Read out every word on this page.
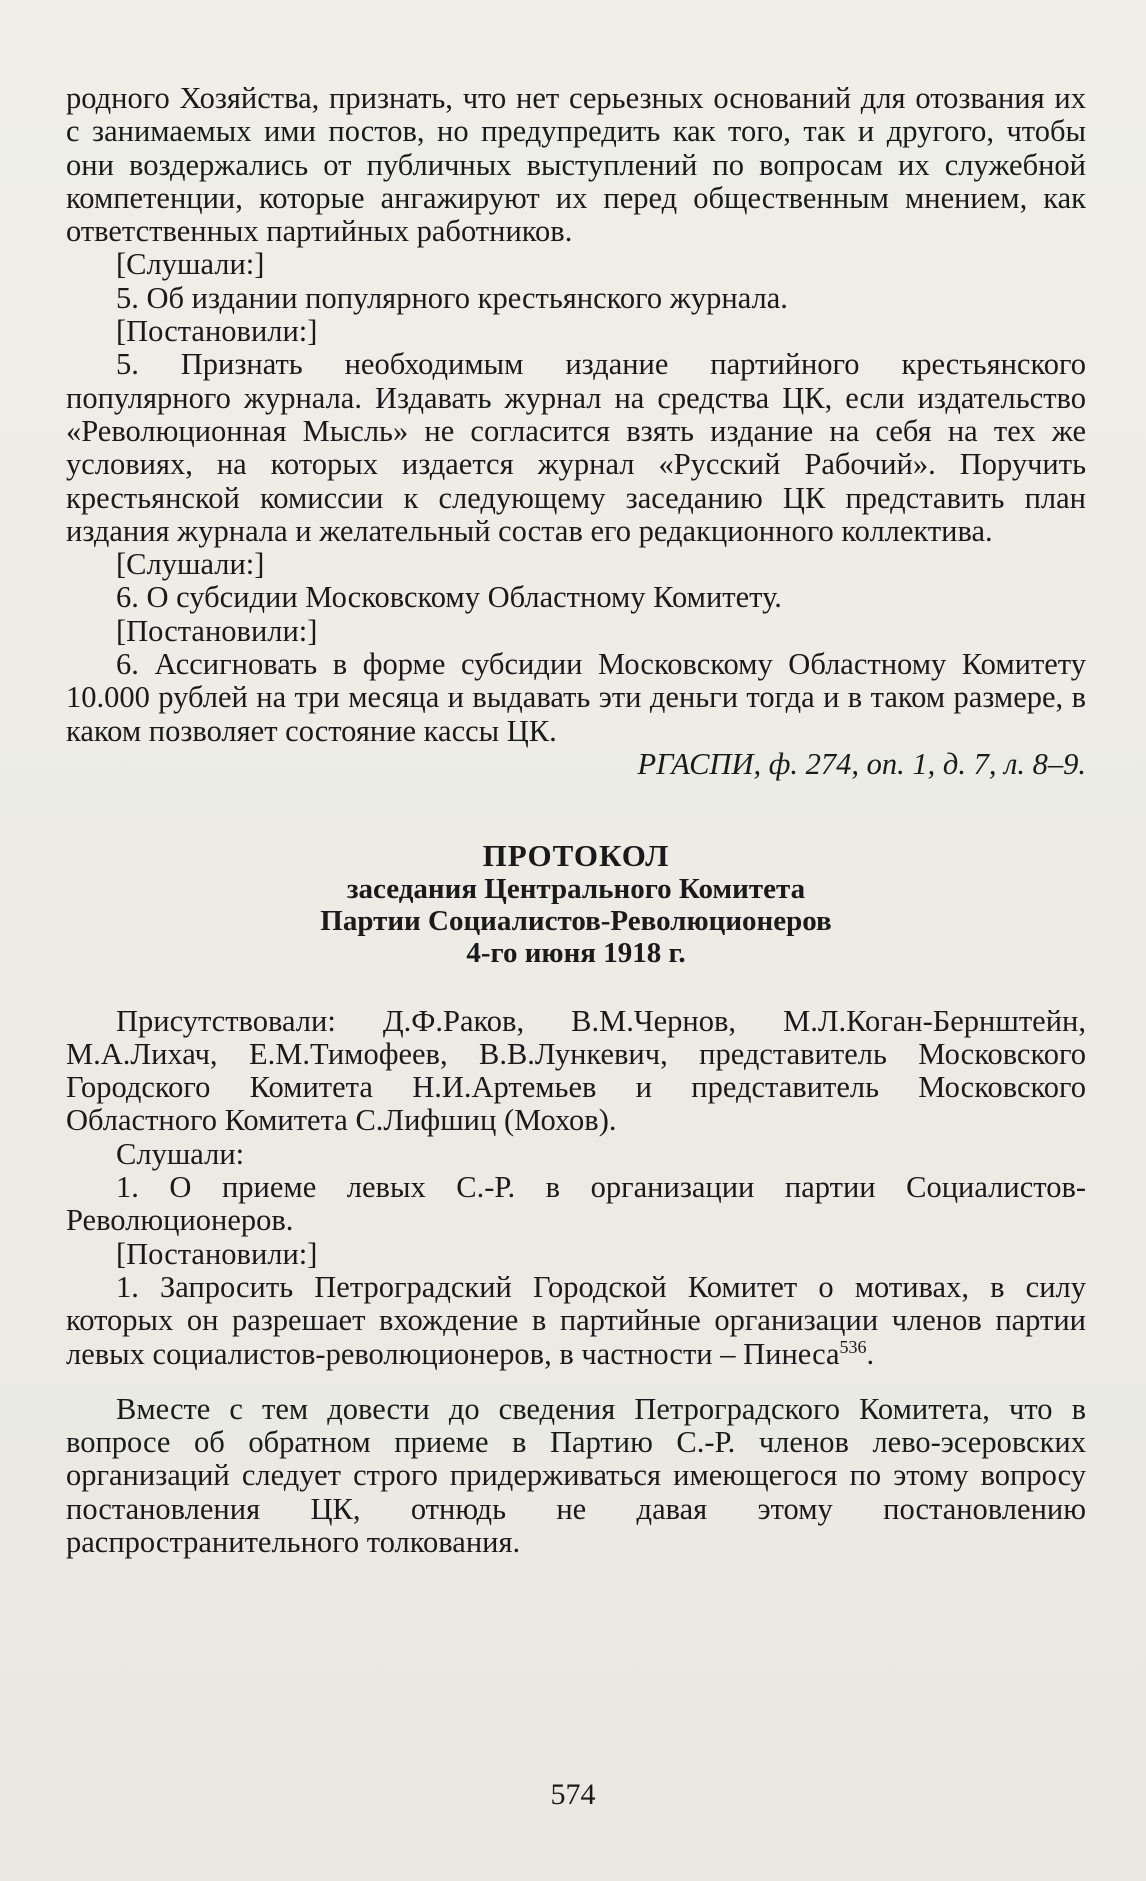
родного Хозяйства, признать, что нет серьезных оснований для отозвания их с занимаемых ими постов, но предупредить как того, так и другого, чтобы они воздержались от публичных выступлений по вопросам их служебной компетенции, которые ангажируют их перед общественным мнением, как ответственных партийных работников.

[Слушали:]

5. Об издании популярного крестьянского журнала.

[Постановили:]

5. Признать необходимым издание партийного крестьянского популярного журнала. Издавать журнал на средства ЦК, если издательство «Революционная Мысль» не согласится взять издание на себя на тех же условиях, на которых издается журнал «Русский Рабочий». Поручить крестьянской комиссии к следующему заседанию ЦК представить план издания журнала и желательный состав его редакционного коллектива.

[Слушали:]

6. О субсидии Московскому Областному Комитету.

[Постановили:]

6. Ассигновать в форме субсидии Московскому Областному Комитету 10.000 рублей на три месяца и выдавать эти деньги тогда и в таком размере, в каком позволяет состояние кассы ЦК.

РГАСПИ, ф. 274, оп. 1, д. 7, л. 8–9.

ПРОТОКОЛ
заседания Центрального Комитета
Партии Социалистов-Революционеров
4-го июня 1918 г.

Присутствовали: Д.Ф.Раков, В.М.Чернов, М.Л.Коган-Бернштейн, М.А.Лихач, Е.М.Тимофеев, В.В.Лункевич, представитель Московского Городского Комитета Н.И.Артемьев и представитель Московского Областного Комитета С.Лифшиц (Мохов).

Слушали:

1. О приеме левых С.-Р. в организации партии Социалистов-Революционеров.

[Постановили:]

1. Запросить Петроградский Городской Комитет о мотивах, в силу которых он разрешает вхождение в партийные организации членов партии левых социалистов-революционеров, в частности – Пинеса$^{536}$.

Вместе с тем довести до сведения Петроградского Комитета, что в вопросе об обратном приеме в Партию С.-Р. членов лево-эсеровских организаций следует строго придерживаться имеющегося по этому вопросу постановления ЦК, отнюдь не давая этому постановлению распространительного толкования.

574
